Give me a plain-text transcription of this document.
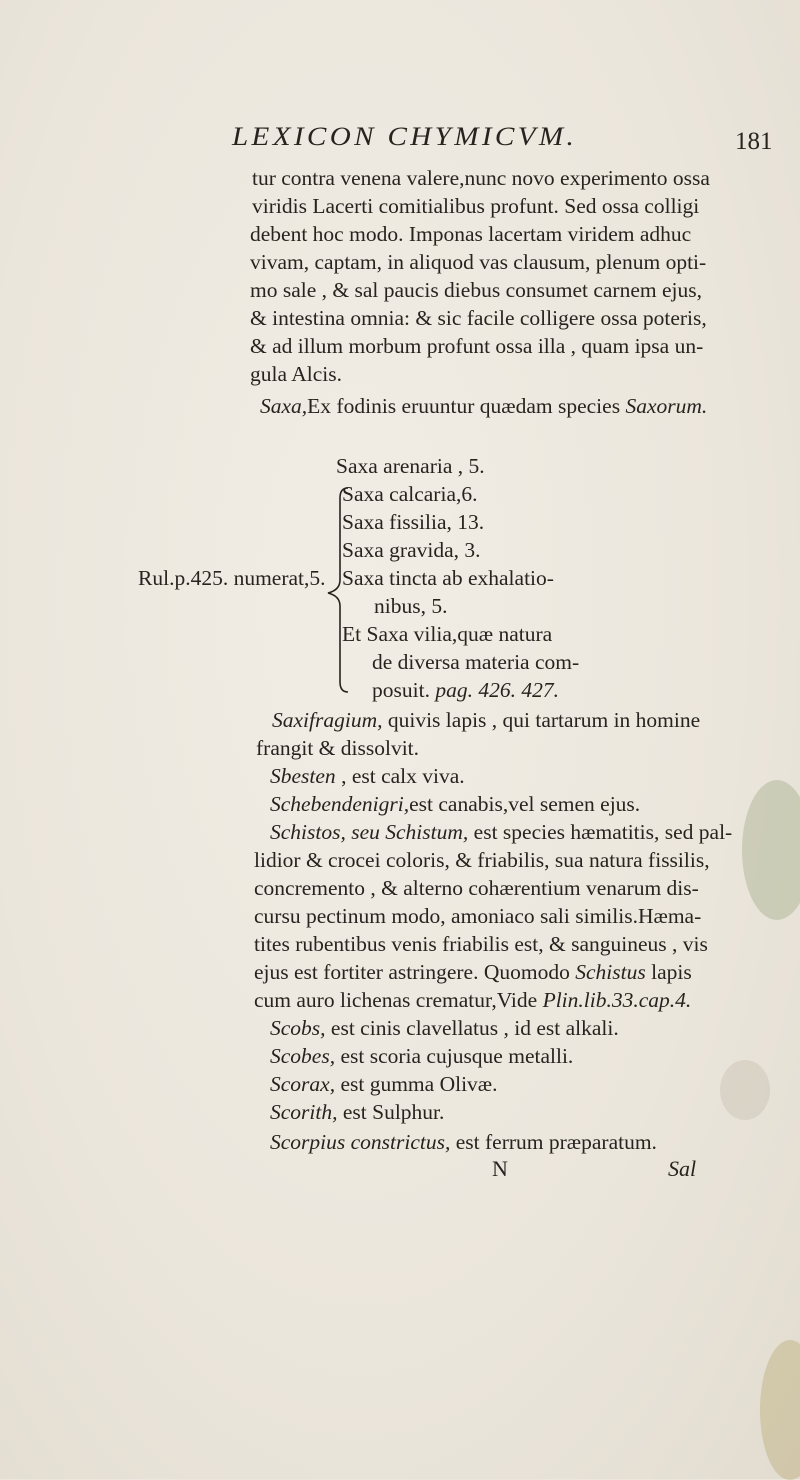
LEXICON CHYMICVM.	181
tur contra venena valere,nunc novo experimento ossa
viridis Lacerti comitialibus profunt. Sed ossa colligi
debent hoc modo. Imponas lacertam viridem adhuc
vivam, captam, in aliquod vas clausum, plenum opti-
mo sale , & sal paucis diebus consumet carnem ejus,
& intestina omnia: & sic facile colligere ossa poteris,
& ad illum morbum profunt ossa illa , quam ipsa un-
gula Alcis.
Saxa,Ex fodinis eruuntur quædam species Saxorum.
Saxa arenaria , 5.
Saxa calcaria,6.
Saxa fissilia, 13.
Saxa gravida, 3.
Saxa tincta ab exhalatio-
nibus, 5.
Et Saxa vilia,quæ natura
de diversa materia com-
posuit. pag. 426. 427.
Rul.p.425. numerat,5.
Saxifragium, quivis lapis , qui tartarum in homine
frangit & dissolvit.
Sbesten , est calx viva.
Schebendenigri,est canabis,vel semen ejus.
Schistos, seu Schistum, est species hæmatitis, sed pal-
lidior & crocei coloris, & friabilis, sua natura fissilis,
concremento , & alterno cohærentium venarum dis-
cursu pectinum modo, amoniaco sali similis.Hæma-
tites rubentibus venis friabilis est, & sanguineus , vis
ejus est fortiter astringere. Quomodo Schistus lapis
cum auro lichenas crematur,Vide Plin.lib.33.cap.4.
Scobs, est cinis clavellatus , id est alkali.
Scobes, est scoria cujusque metalli.
Scorax, est gumma Olivæ.
Scorith, est Sulphur.
Scorpius constrictus, est ferrum præparatum.
N	Sal
